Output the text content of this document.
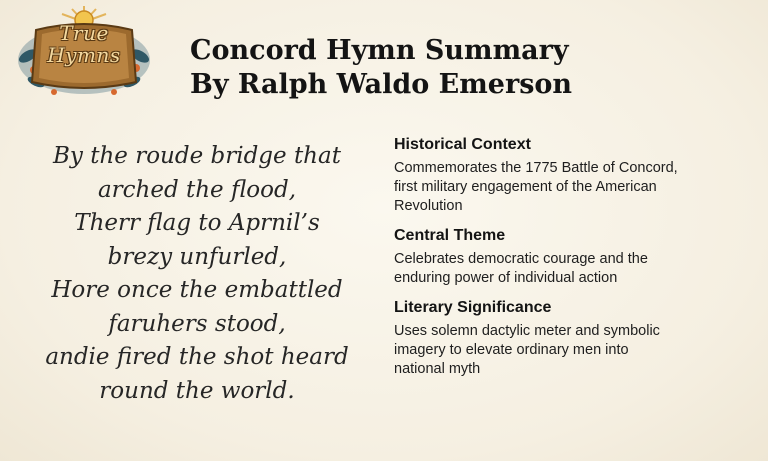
True
Hymns	Concord Hymn Summary
By Ralph Waldo Emerson
By the roude bridge that
arched the flood,
Therr flag to Aprnil’s
brezy unfurled,
Hore once the embattled
faruhers stood,
andie fired the shot heard
round the world.
Historical Context

Commemorates the 1775 Battle of Concord,
first military engagement of the American
Revolution

Central Theme

Celebrates democratic courage and the
enduring power of individual action

Literary Significance

Uses solemn dactylic meter and symbolic
imagery to elevate ordinary men into
national myth
